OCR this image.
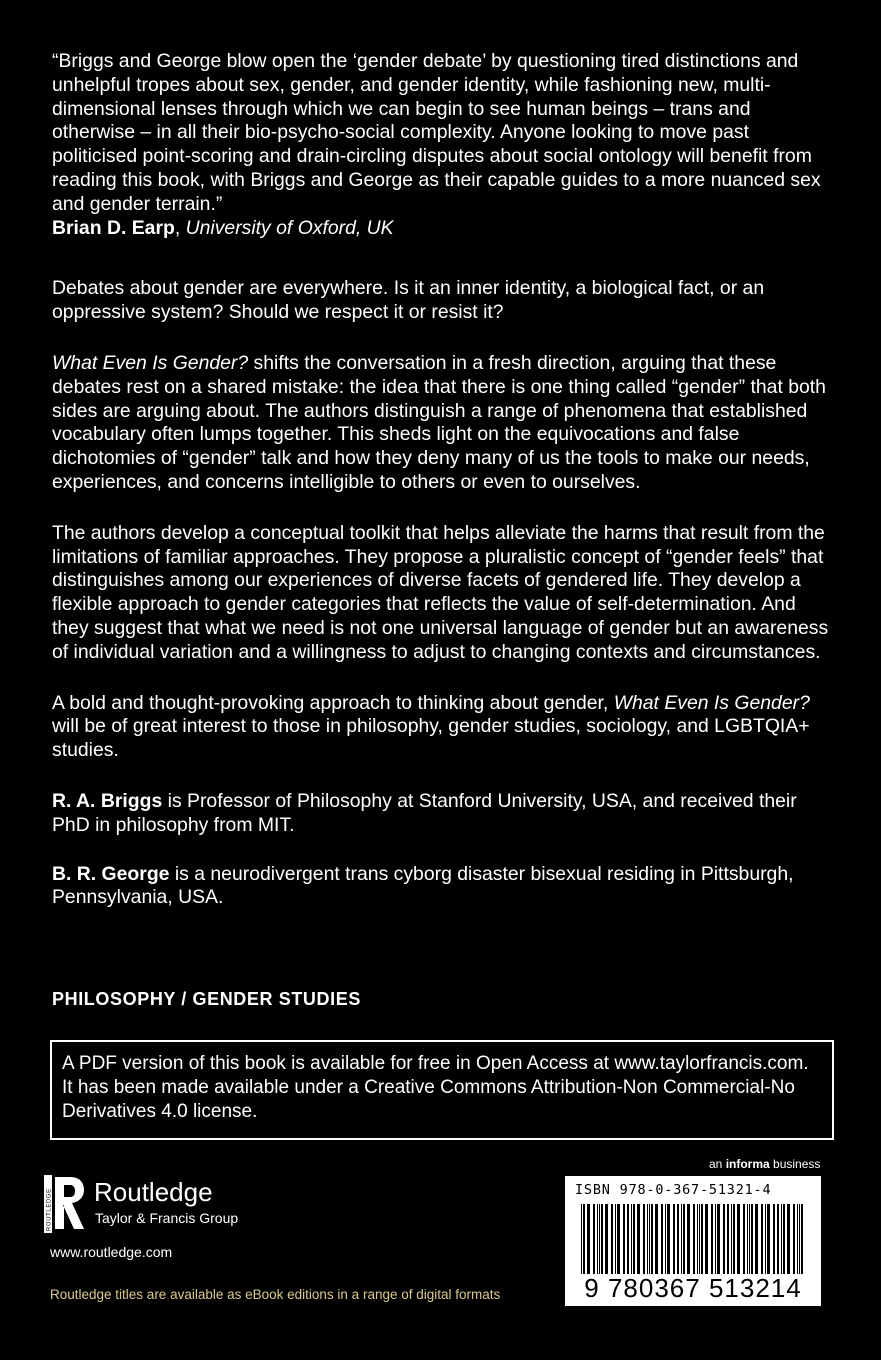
“Briggs and George blow open the ‘gender debate’ by questioning tired distinctions and unhelpful tropes about sex, gender, and gender identity, while fashioning new, multi-dimensional lenses through which we can begin to see human beings – trans and otherwise – in all their bio-psycho-social complexity. Anyone looking to move past politicised point-scoring and drain-circling disputes about social ontology will benefit from reading this book, with Briggs and George as their capable guides to a more nuanced sex and gender terrain.”
Brian D. Earp, University of Oxford, UK

Debates about gender are everywhere. Is it an inner identity, a biological fact, or an oppressive system? Should we respect it or resist it?

What Even Is Gender? shifts the conversation in a fresh direction, arguing that these debates rest on a shared mistake: the idea that there is one thing called “gender” that both sides are arguing about. The authors distinguish a range of phenomena that established vocabulary often lumps together. This sheds light on the equivocations and false dichotomies of “gender” talk and how they deny many of us the tools to make our needs, experiences, and concerns intelligible to others or even to ourselves.

The authors develop a conceptual toolkit that helps alleviate the harms that result from the limitations of familiar approaches. They propose a pluralistic concept of “gender feels” that distinguishes among our experiences of diverse facets of gendered life. They develop a flexible approach to gender categories that reflects the value of self-determination. And they suggest that what we need is not one universal language of gender but an awareness of individual variation and a willingness to adjust to changing contexts and circumstances.

A bold and thought-provoking approach to thinking about gender, What Even Is Gender? will be of great interest to those in philosophy, gender studies, sociology, and LGBTQIA+ studies.

R. A. Briggs is Professor of Philosophy at Stanford University, USA, and received their PhD in philosophy from MIT.

B. R. George is a neurodivergent trans cyborg disaster bisexual residing in Pittsburgh, Pennsylvania, USA.

PHILOSOPHY / GENDER STUDIES

A PDF version of this book is available for free in Open Access at www.taylorfrancis.com. It has been made available under a Creative Commons Attribution-Non Commercial-No Derivatives 4.0 license.

an informa business
ROUTLEDGE Routledge
Taylor & Francis Group
www.routledge.com
Routledge titles are available as eBook editions in a range of digital formats
ISBN 978-0-367-51321-4
9 780367 513214
